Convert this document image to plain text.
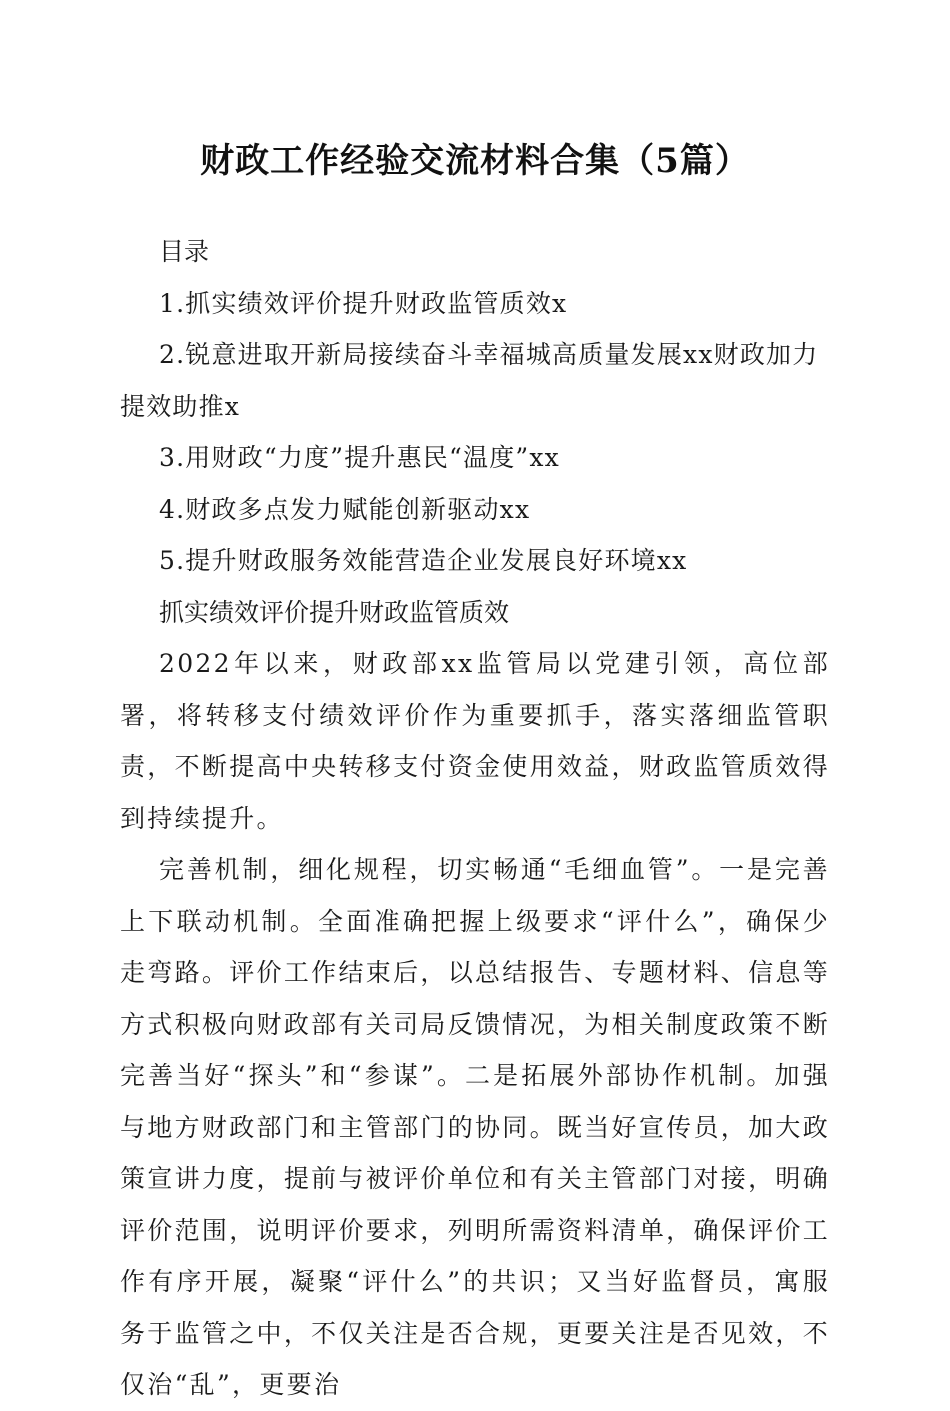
财政工作经验交流材料合集（5篇）

目录

1.抓实绩效评价提升财政监管质效x

2.锐意进取开新局接续奋斗幸福城高质量发展xx财政加力

提效助推x

3.用财政“力度”提升惠民“温度”xx

4.财政多点发力赋能创新驱动xx

5.提升财政服务效能营造企业发展良好环境xx

抓实绩效评价提升财政监管质效

2022年以来，财政部xx监管局以党建引领，高位部署，将转移支付绩效评价作为重要抓手，落实落细监管职责，不断提高中央转移支付资金使用效益，财政监管质效得到持续提升。

完善机制，细化规程，切实畅通“毛细血管”。一是完善上下联动机制。全面准确把握上级要求“评什么”，确保少走弯路。评价工作结束后，以总结报告、专题材料、信息等方式积极向财政部有关司局反馈情况，为相关制度政策不断完善当好“探头”和“参谋”。二是拓展外部协作机制。加强与地方财政部门和主管部门的协同。既当好宣传员，加大政策宣讲力度，提前与被评价单位和有关主管部门对接，明确评价范围，说明评价要求，列明所需资料清单，确保评价工作有序开展，凝聚“评什么”的共识；又当好监督员，寓服务于监管之中，不仅关注是否合规，更要关注是否见效，不仅治“乱”，更要治
